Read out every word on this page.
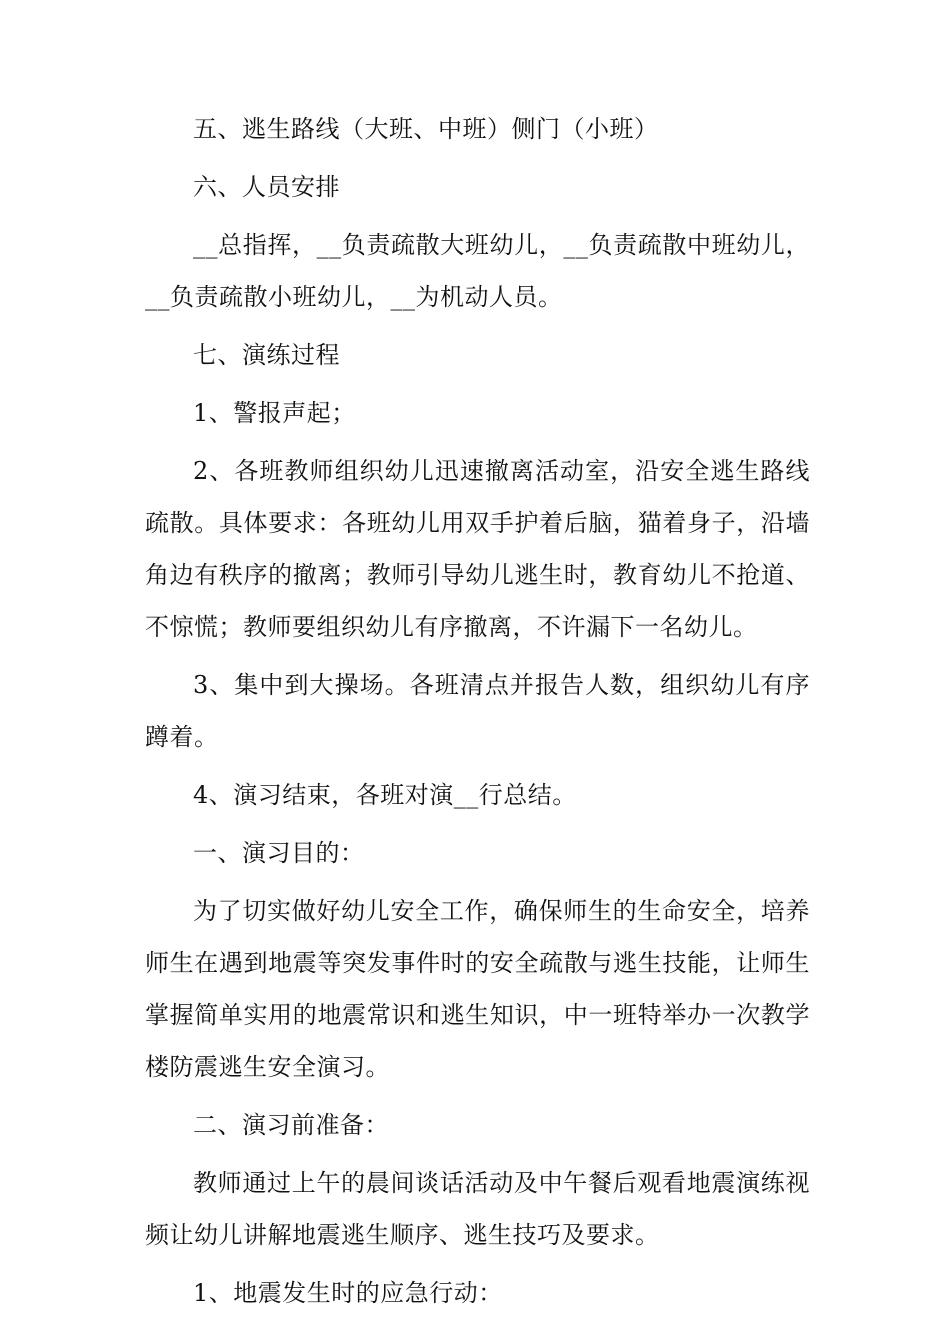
五、逃生路线（大班、中班）侧门（小班）

六、人员安排

__总指挥，__负责疏散大班幼儿，__负责疏散中班幼儿，__负责疏散小班幼儿，__为机动人员。

七、演练过程

1、警报声起；

2、各班教师组织幼儿迅速撤离活动室，沿安全逃生路线疏散。具体要求：各班幼儿用双手护着后脑，猫着身子，沿墙角边有秩序的撤离；教师引导幼儿逃生时，教育幼儿不抢道、不惊慌；教师要组织幼儿有序撤离，不许漏下一名幼儿。

3、集中到大操场。各班清点并报告人数，组织幼儿有序蹲着。

4、演习结束，各班对演__行总结。

一、演习目的：

为了切实做好幼儿安全工作，确保师生的生命安全，培养师生在遇到地震等突发事件时的安全疏散与逃生技能，让师生掌握简单实用的地震常识和逃生知识，中一班特举办一次教学楼防震逃生安全演习。

二、演习前准备：

教师通过上午的晨间谈话活动及中午餐后观看地震演练视频让幼儿讲解地震逃生顺序、逃生技巧及要求。

1、地震发生时的应急行动：
